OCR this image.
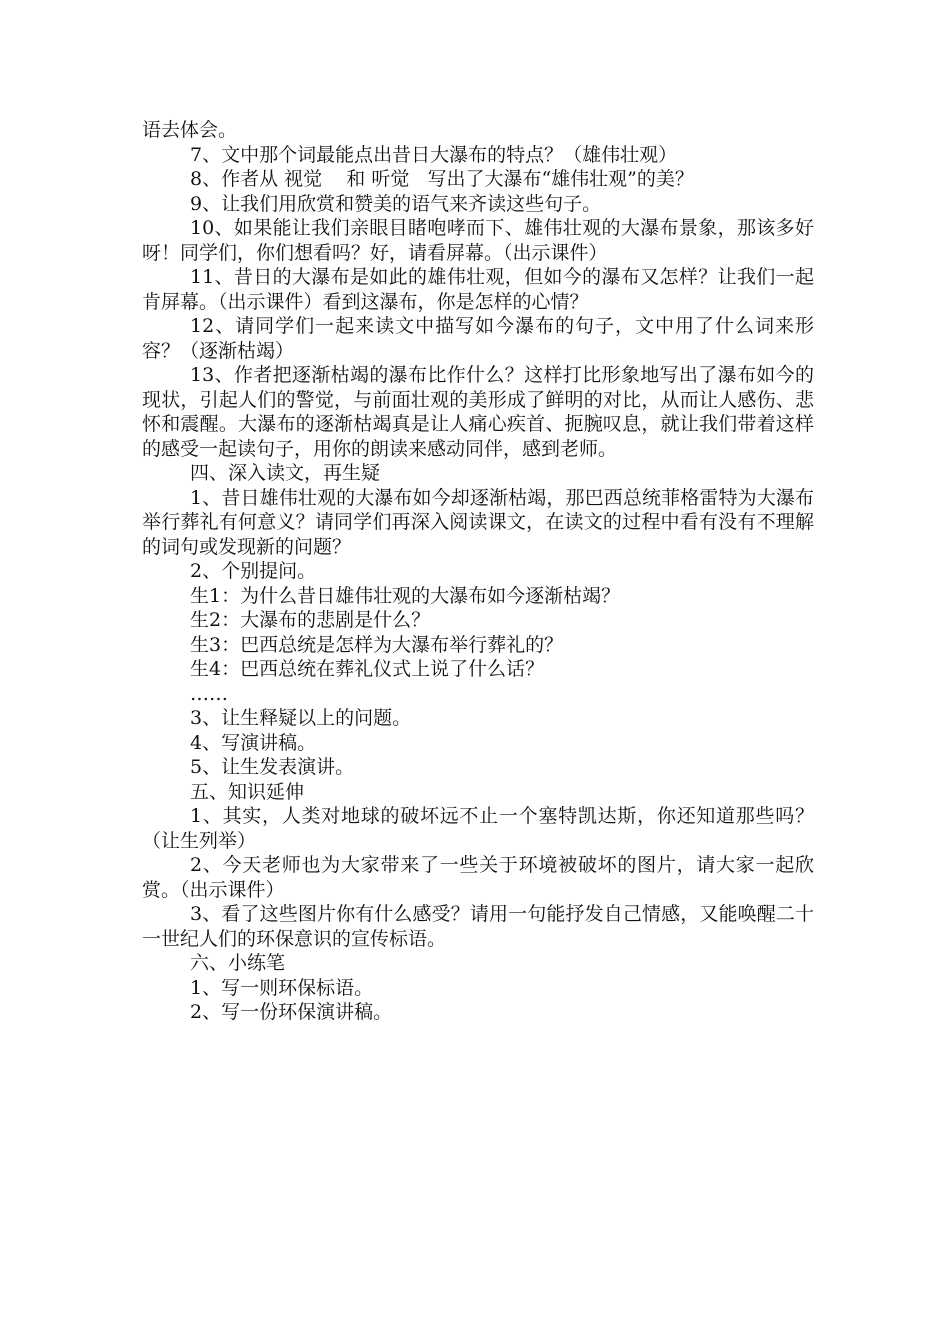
语去体会。

7、文中那个词最能点出昔日大瀑布的特点？（雄伟壮观）

8、作者从 视觉    和 听觉   写出了大瀑布“雄伟壮观”的美？

9、让我们用欣赏和赞美的语气来齐读这些句子。

10、如果能让我们亲眼目睹咆哮而下、雄伟壮观的大瀑布景象，那该多好呀！同学们，你们想看吗？好，请看屏幕。（出示课件）

11、昔日的大瀑布是如此的雄伟壮观，但如今的瀑布又怎样？让我们一起肯屏幕。（出示课件）看到这瀑布，你是怎样的心情？

12、请同学们一起来读文中描写如今瀑布的句子，文中用了什么词来形容？（逐渐枯竭）

13、作者把逐渐枯竭的瀑布比作什么？这样打比形象地写出了瀑布如今的现状，引起人们的警觉，与前面壮观的美形成了鲜明的对比，从而让人感伤、悲怀和震醒。大瀑布的逐渐枯竭真是让人痛心疾首、扼腕叹息，就让我们带着这样的感受一起读句子，用你的朗读来感动同伴，感到老师。

四、深入读文，再生疑

1、昔日雄伟壮观的大瀑布如今却逐渐枯竭，那巴西总统菲格雷特为大瀑布举行葬礼有何意义？请同学们再深入阅读课文，在读文的过程中看有没有不理解的词句或发现新的问题？

2、个别提问。

生1：为什么昔日雄伟壮观的大瀑布如今逐渐枯竭？

生2：大瀑布的悲剧是什么？

生3：巴西总统是怎样为大瀑布举行葬礼的？

生4：巴西总统在葬礼仪式上说了什么话？

……

3、让生释疑以上的问题。

4、写演讲稿。

5、让生发表演讲。

五、知识延伸

1、其实，人类对地球的破坏远不止一个塞特凯达斯，你还知道那些吗？（让生列举）

2、今天老师也为大家带来了一些关于环境被破坏的图片，请大家一起欣赏。（出示课件）

3、看了这些图片你有什么感受？请用一句能抒发自己情感，又能唤醒二十一世纪人们的环保意识的宣传标语。

六、小练笔

1、写一则环保标语。

2、写一份环保演讲稿。
